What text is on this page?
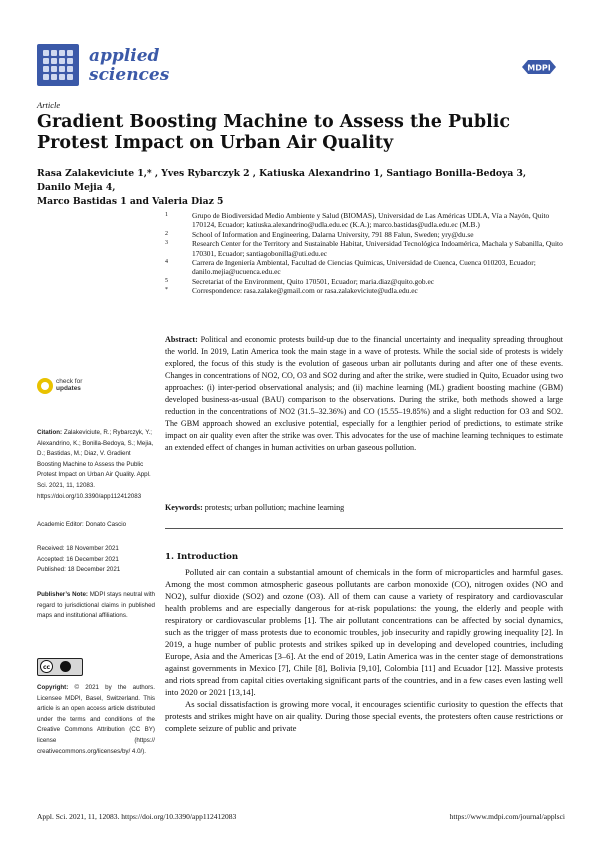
applied
sciences	MDPI
Article
Gradient Boosting Machine to Assess the Public Protest Impact on Urban Air Quality
Rasa Zalakeviciute 1,* , Yves Rybarczyk 2 , Katiuska Alexandrino 1, Santiago Bonilla-Bedoya 3, Danilo Mejia 4,
Marco Bastidas 1 and Valeria Diaz 5
1	Grupo de Biodiversidad Medio Ambiente y Salud (BIOMAS), Universidad de Las Américas UDLA, Vía a Nayón, Quito 170124, Ecuador; katiuska.alexandrino@udla.edu.ec (K.A.); marco.bastidas@udla.edu.ec (M.B.)
2	School of Information and Engineering, Dalarna University, 791 88 Falun, Sweden; yry@du.se
3	Research Center for the Territory and Sustainable Habitat, Universidad Tecnológica Indoamérica, Machala y Sabanilla, Quito 170301, Ecuador; santiagobonilla@uti.edu.ec
4	Carrera de Ingeniería Ambiental, Facultad de Ciencias Químicas, Universidad de Cuenca, Cuenca 010203, Ecuador; danilo.mejia@ucuenca.edu.ec
5	Secretariat of the Environment, Quito 170501, Ecuador; maria.diaz@quito.gob.ec
*	Correspondence: rasa.zalake@gmail.com or rasa.zalakeviciute@udla.edu.ec
Abstract: Political and economic protests build-up due to the financial uncertainty and inequality spreading throughout the world. In 2019, Latin America took the main stage in a wave of protests. While the social side of protests is widely explored, the focus of this study is the evolution of gaseous urban air pollutants during and after one of these events. Changes in concentrations of NO2, CO, O3 and SO2 during and after the strike, were studied in Quito, Ecuador using two approaches: (i) inter-period observational analysis; and (ii) machine learning (ML) gradient boosting machine (GBM) developed business-as-usual (BAU) comparison to the observations. During the strike, both methods showed a large reduction in the concentrations of NO2 (31.5–32.36%) and CO (15.55–19.85%) and a slight reduction for O3 and SO2. The GBM approach showed an exclusive potential, especially for a lengthier period of predictions, to estimate strike impact on air quality even after the strike was over. This advocates for the use of machine learning techniques to estimate an extended effect of changes in human activities on urban gaseous pollution.
Keywords: protests; urban pollution; machine learning
1. Introduction

Polluted air can contain a substantial amount of chemicals in the form of microparticles and harmful gases. Among the most common atmospheric gaseous pollutants are carbon monoxide (CO), nitrogen oxides (NO and NO2), sulfur dioxide (SO2) and ozone (O3). All of them can cause a variety of respiratory and cardiovascular health problems and are especially dangerous for at-risk populations: the young, the elderly and people with respiratory or cardiovascular problems [1]. The air pollutant concentrations can be affected by social dynamics, such as the trigger of mass protests due to economic troubles, job insecurity and rapidly growing inequality [2]. In 2019, a huge number of public protests and strikes spiked up in developing and developed countries, including Europe, Asia and the Americas [3–6]. At the end of 2019, Latin America was in the center stage of demonstrations against governments in Mexico [7], Chile [8], Bolivia [9,10], Colombia [11] and Ecuador [12]. Massive protests and riots spread from capital cities overtaking significant parts of the countries, and in a few cases even lasting well into 2020 or 2021 [13,14].

As social dissatisfaction is growing more vocal, it encourages scientific curiosity to question the effects that protests and strikes might have on air quality. During those special events, the protesters often cause restrictions or complete seizure of public and private

check for
updates
Citation: Zalakeviciute, R.; Rybarczyk, Y.; Alexandrino, K.; Bonilla-Bedoya, S.; Mejia, D.; Bastidas, M.; Diaz, V. Gradient Boosting Machine to Assess the Public Protest Impact on Urban Air Quality. Appl. Sci. 2021, 11, 12083. https://doi.org/10.3390/app112412083
Academic Editor: Donato Cascio
Received: 18 November 2021
Accepted: 16 December 2021
Published: 18 December 2021
Publisher’s Note: MDPI stays neutral with regard to jurisdictional claims in published maps and institutional affiliations.
cc
Copyright: © 2021 by the authors. Licensee MDPI, Basel, Switzerland. This article is an open access article distributed under the terms and conditions of the Creative Commons Attribution (CC BY) license (https:// creativecommons.org/licenses/by/ 4.0/).
Appl. Sci. 2021, 11, 12083. https://doi.org/10.3390/app112412083	https://www.mdpi.com/journal/applsci
